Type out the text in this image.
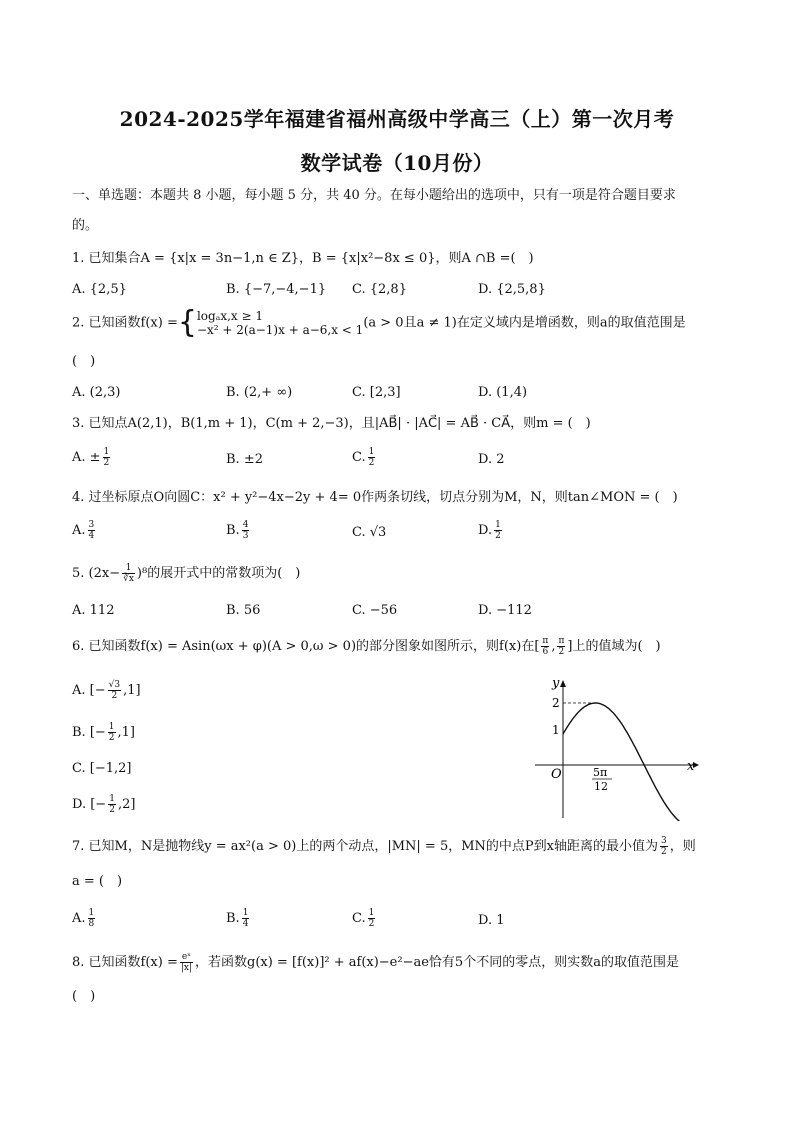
2024-2025学年福建省福州高级中学高三（上）第一次月考
数学试卷（10月份）
一、单选题：本题共 8 小题，每小题 5 分，共 40 分。在每小题给出的选项中，只有一项是符合题目要求
的。
1. 已知集合A = {x|x = 3n−1,n ∈ Z}，B = {x|x²−8x ≤ 0}，则A ∩B =(　)
A. {2,5}	B. {−7,−4,−1} C. {2,8}	D. {2,5,8}
2. 已知函数f(x) ={ logₐx,x ≥ 1
−x² + 2(a−1)x + a−6,x < 1 (a > 0且a ≠ 1)在定义域内是增函数，则a的取值范围是
(　)
A. (2,3)	B. (2,+ ∞)	C. [2,3]	D. (1,4)
3. 已知点A(2,1)，B(1,m + 1)，C(m + 2,−3)，且|AB⃗| · |AC⃗| = AB⃗ · CA⃗，则m = (　)
A. ± $\frac{1}{2}$	B. ±2	C. $\frac{1}{2}$	D. 2
4. 过坐标原点O向圆C：x² + y²−4x−2y + 4= 0作两条切线，切点分别为M，N，则tan∠MON = (　)
A. $\frac{3}{4}$	B. $\frac{4}{3}$	C. √3	D. $\frac{1}{2}$
5. $(2x- \frac{1}{∛x} )^8$的展开式中的常数项为(　)
A. 112	B. 56	C. −56	D. −112
6. 已知函数f(x) = Asin(ωx + φ)(A > 0,ω > 0)的部分图象如图所示，则f(x)在[ $\frac{\pi}{6}$ , $\frac{\pi}{2}$ ]上的值域为(　)
A. [− $\frac{√3}{2} ,1$]
B. [− $\frac{1}{2} ,1$]
C. [−1,2]
D. [− $\frac{1}{2} ,2$]
y
x
O
2
1
5π
12
7. 已知M，N是抛物线y = ax²(a > 0)上的两个动点，|MN| = 5，MN的中点P到x轴距离的最小值为 $\frac{3}{2}$ ，则
a = (　)
A. $\frac{1}{8}$	B. $\frac{1}{4}$	C. $\frac{1}{2}$	D. 1
8. 已知函数$f(x) = \frac{\text{eˣ}}{|x|}$ ，若函数g(x) = [f(x)]² + af(x)−e²−ae恰有5个不同的零点，则实数a的取值范围是
(　)
